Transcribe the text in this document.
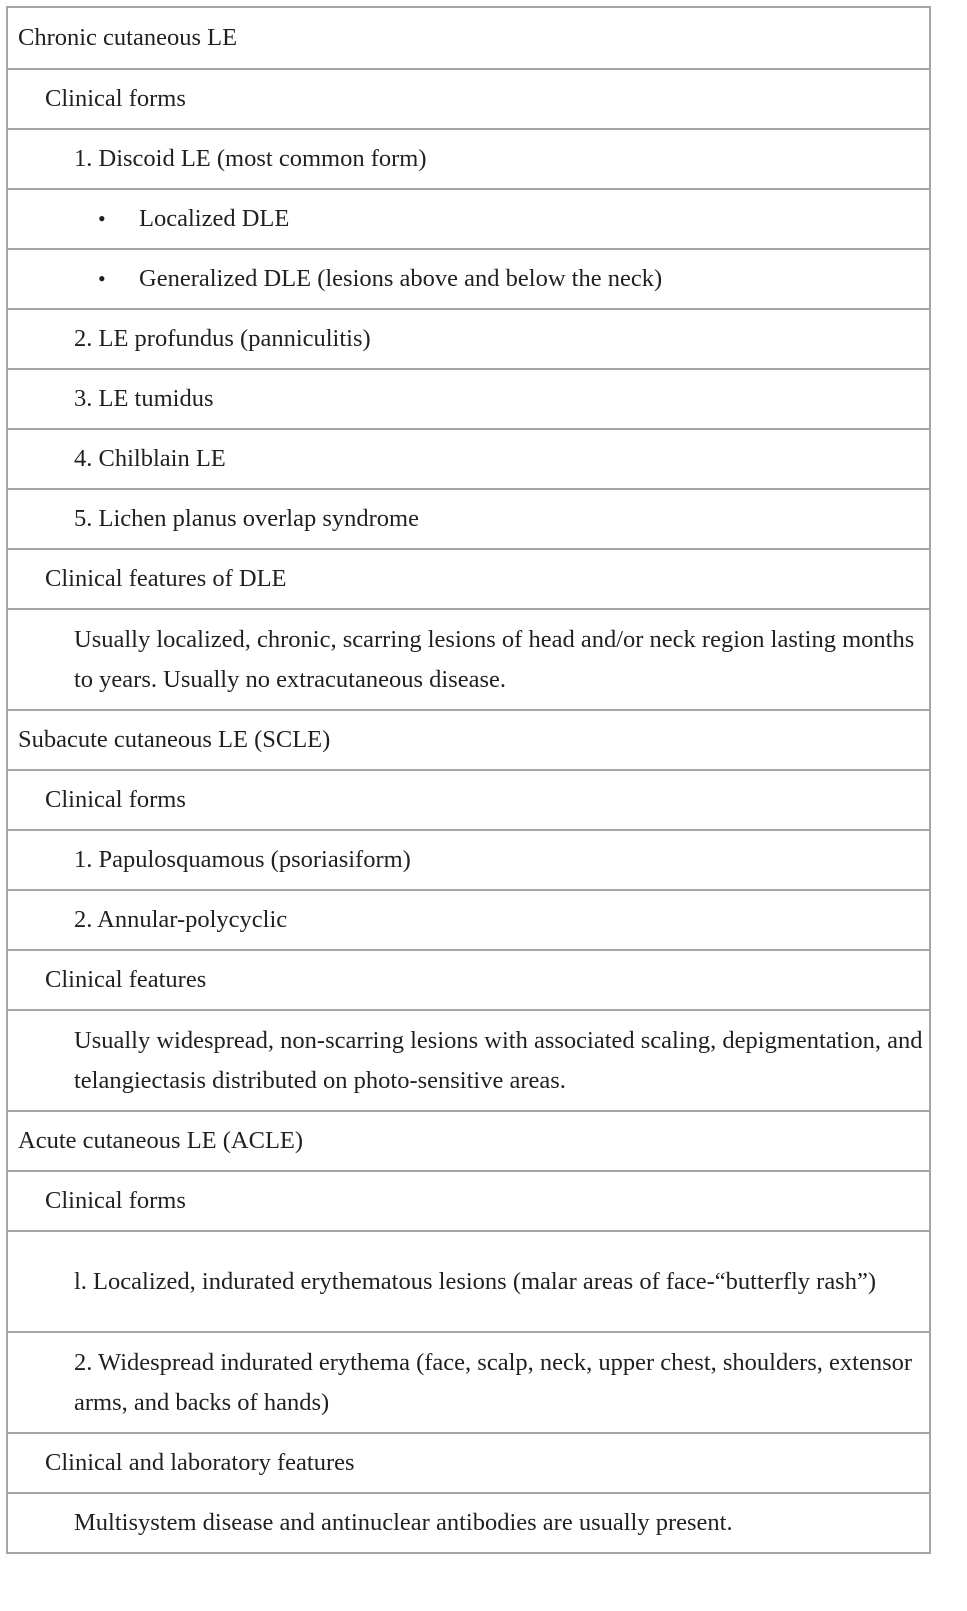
Chronic cutaneous LE
Clinical forms
1. Discoid LE (most common form)
• Localized DLE
• Generalized DLE (lesions above and below the neck)
2. LE profundus (panniculitis)
3. LE tumidus
4. Chilblain LE
5. Lichen planus overlap syndrome
Clinical features of DLE
Usually localized, chronic, scarring lesions of head and/or neck region lasting months to years. Usually no extracutaneous disease.
Subacute cutaneous LE (SCLE)
Clinical forms
1. Papulosquamous (psoriasiform)
2. Annular-polycyclic
Clinical features
Usually widespread, non-scarring lesions with associated scaling, depigmentation, and telangiectasis distributed on photo-sensitive areas.
Acute cutaneous LE (ACLE)
Clinical forms
l. Localized, indurated erythematous lesions (malar areas of face-“butterfly rash”)
2. Widespread indurated erythema (face, scalp, neck, upper chest, shoulders, extensor arms, and backs of hands)
Clinical and laboratory features
Multisystem disease and antinuclear antibodies are usually present.
